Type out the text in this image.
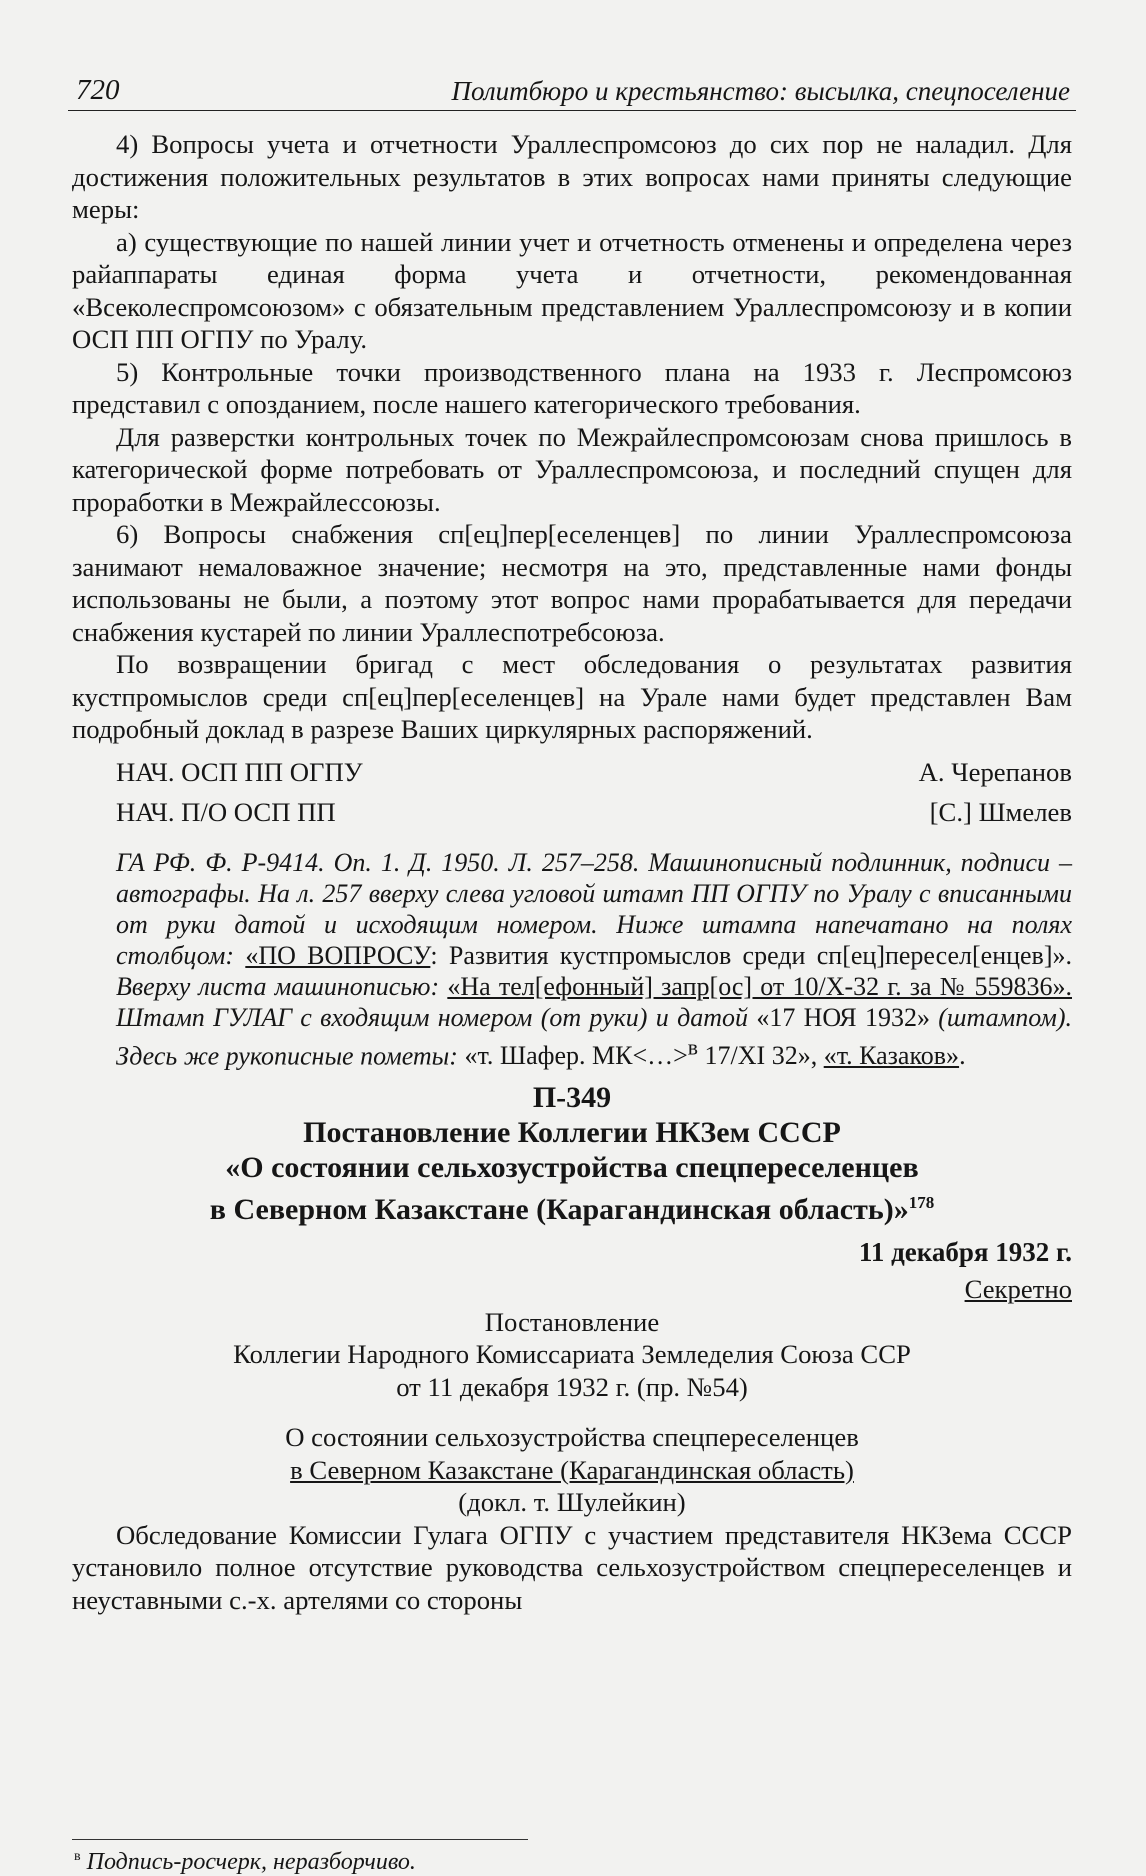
720	Политбюро и крестьянство: высылка, спецпоселение

4) Вопросы учета и отчетности Ураллеспромсоюз до сих пор не наладил. Для достижения положительных результатов в этих вопросах нами приняты следующие меры:

а) существующие по нашей линии учет и отчетность отменены и определена через райаппараты единая форма учета и отчетности, рекомендованная «Всеколеспромсоюзом» с обязательным представлением Ураллеспромсоюзу и в копии ОСП ПП ОГПУ по Уралу.

5) Контрольные точки производственного плана на 1933 г. Леспромсоюз представил с опозданием, после нашего категорического требования.

Для разверстки контрольных точек по Межрайлеспромсоюзам снова пришлось в категорической форме потребовать от Ураллеспромсоюза, и последний спущен для проработки в Межрайлессоюзы.

6) Вопросы снабжения сп[ец]пер[еселенцев] по линии Ураллеспромсоюза занимают немаловажное значение; несмотря на это, представленные нами фонды использованы не были, а поэтому этот вопрос нами прорабатывается для передачи снабжения кустарей по линии Ураллеспотребсоюза.

По возвращении бригад с мест обследования о результатах развития кустпромыслов среди сп[ец]пер[еселенцев] на Урале нами будет представлен Вам подробный доклад в разрезе Ваших циркулярных распоряжений.

НАЧ. ОСП ПП ОГПУ	А. Черепанов
НАЧ. П/О ОСП ПП	[С.] Шмелев
ГА РФ. Ф. Р-9414. Оп. 1. Д. 1950. Л. 257–258. Машинописный подлинник, подписи – автографы. На л. 257 вверху слева угловой штамп ПП ОГПУ по Уралу с вписанными от руки датой и исходящим номером. Ниже штампа напечатано на полях столбцом: «ПО ВОПРОСУ: Развития кустпромыслов среди сп[ец]пересел[енцев]». Вверху листа машинописью: «На тел[ефонный] запр[ос] от 10/Х-32 г. за № 559836». Штамп ГУЛАГ с входящим номером (от руки) и датой «17 НОЯ 1932» (штампом). Здесь же рукописные пометы: «т. Шафер. МК<…>$^в$ 17/XI 32», «т. Казаков».
П-349
Постановление Коллегии НКЗем СССР
«О состоянии сельхозустройства спецпереселенцев
в Северном Казакстане (Карагандинская область)»$^{178}$
11 декабря 1932 г.
Секретно
Постановление
Коллегии Народного Комиссариата Земледелия Союза ССР
от 11 декабря 1932 г. (пр. №54)
О состоянии сельхозустройства спецпереселенцев
в Северном Казакстане (Карагандинская область)
(докл. т. Шулейкин)

Обследование Комиссии Гулага ОГПУ с участием представителя НКЗема СССР установило полное отсутствие руководства сельхозустройством спецпереселенцев и неуставными с.-х. артелями со стороны

$^в$ Подпись-росчерк, неразборчиво.
